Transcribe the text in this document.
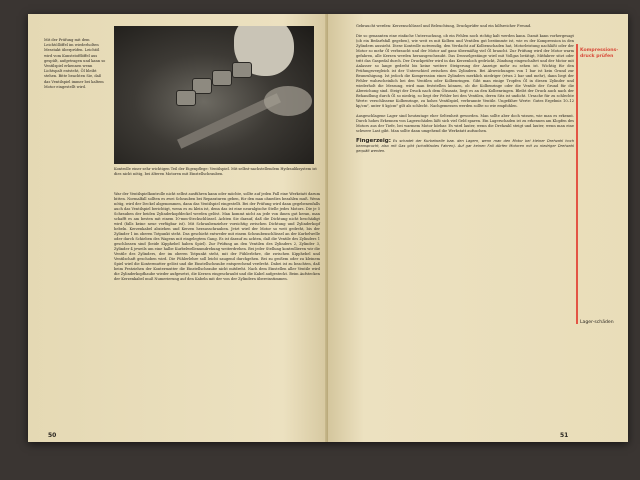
Mit der Prüfung mit dem Leichtöllöffel im wiederholten Messtakt überprüfen. Leichtöl wird vom Kunststofflöffel aus gespült, aufgetragen und kann so Ventilspiel erkennen wenn Lichtspalt entsteht, Öl bleibt stehen. Bitte beachten Sie, daß das Ventilspiel immer bei kaltem Motor eingestellt wird.
Kontrolle einer sehr wichtigen Teil der Eigenpflege: Ventilspiel. Mit selbst-nachstellendem Hydrauliksystem ist dies nicht nötig, bei älteren Motoren mit Einstellschrauben.
War der Ventilspielkontrolle nicht selbst ausführen kann oder möchte, sollte auf jeden Fall eine Werkstatt darum bitten. Normalfall sollten es zwei Schrauben bei Reparaturen geben, für den man ohnedies bezahlen muß. Wenn nötig, wird der Deckel abgenommen, dann das Ventilspiel eingestellt. Bei der Prüfung wird dann gegebenenfalls auch das Ventilspiel berichtigt, wenn es zu klein ist, denn das ist eine neuralgische Stelle jedes Motors. Die je 5 Schrauben der beiden Zylinderkopfdeckel werden gelöst. Man kommt nicht an jede von ihnen gut heran, man schafft es am besten mit einem 10-mm-Steckschlüssel. Achten Sie darauf, daß die Dichtung nicht beschädigt wird (falls keine neue verfügbar ist). Mit Schraubenzieher vorsichtig zwischen Dichtung und Zylinderkopf hebeln. Kerzenkabel abziehen und Kerzen herausschrauben. Jetzt wird der Motor so weit gedreht, bis der Zylinder 1 im oberen Totpunkt steht. Das geschieht entweder mit einem Schraubenschlüssel an der Kurbelwelle oder durch Schieben des Wagens mit eingelegtem Gang. Es ist darauf zu achten, daß die Ventile des Zylinders 1 geschlossen sind (beide Kipphebel haben Spiel). Zur Prüfung an den Ventilen des Zylinders 2, Zylinder 3, Zylinder 4 jeweils um eine halbe Kurbelwellenumdrehung weiterdrehen. Bei jeder Stellung kontrollieren wir die Ventile des Zylinders, der im oberen Totpunkt steht, mit der Fühlerlehre, die zwischen Kipphebel und Ventilschaft geschoben wird. Die Fühlerlehre soll leicht saugend durchgehen. Bei zu großem oder zu kleinem Spiel wird die Kontermutter gelöst und die Einstellschraube entsprechend verdreht. Dabei ist zu beachten, daß beim Festziehen der Kontermutter die Einstellschraube nicht mitdreht. Nach dem Einstellen aller Ventile wird die Zylinderkopfhaube wieder aufgesetzt, die Kerzen eingeschraubt und die Kabel aufgesteckt. Beim Aufstecken der Kerzenkabel muß Numerierung auf den Kabeln mit der von der Zylindern übereinstimmen.
50

Gebraucht werden: Kerzenschlüssel und Beleuchtung, Druckprüfer und ein hilfsreicher Freund.

Die so genannten eine einfache Untersuchung, ob ein Fehlen noch richtig kalt werden kann. Damit kann vorhergesagt (ob ein Bedarfsfall gegeben), wie weit es mit Kolben und Ventilen gut bestimmte ist, wie es der Kompression in den Zylindern aussieht. Diese Kontrolle notwendig, den Verdacht auf Kolbenschaden hat, Motorleistung nachläßt oder der Motor so mehr Öl verbraucht und der Motor auf ganz übermäßig viel Öl braucht. Zur Prüfung wird der Motor warm gefahren, alle Kerzen werden herausgeschraubt. Das Drosselgestänge wird mit Vollgas betätigt, Mitfahrer sitzt oder tritt das Gaspedal durch. Der Druckprüfer wird in das Kerzenloch gedrückt, Zündung eingeschaltet und der Motor mit Anlasser so lange gedreht bis keine weitere Steigerung der Anzeige mehr zu sehen ist. Wichtig für den Prüfungsvergleich ist der Unterschied zwischen den Zylindern. Bei Abweichungen von 1 bar ist kein Grund zur Beunruhigung. Ist jedoch die Kompression eines Zylinders merklich niedriger (etwa 2 bar und mehr), dann liegt der Fehler wahrscheinlich bei den Ventilen oder Kolbenringen. Gibt man einige Tropfen Öl in diesen Zylinder und wiederholt die Messung, wird man feststellen können, ob die Kolbenringe oder die Ventile der Grund für die Abweichung sind. Steigt der Druck nach dem Ölzusatz, liegt es an den Kolbenringen. Bleibt der Druck auch nach der Behandlung durch Öl so niedrig, so liegt der Fehler bei den Ventilen, deren Sitz ist undicht. Ursache für zu schlechte Werte: verschlissene Kolbenringe, zu hohes Ventilspiel, verbrannte Ventile. Ungefähre Werte: Gutes Ergebnis 10–12 kp/cm², unter 8 kp/cm² gilt als schlecht. Nachgemessen werden sollte so wie empfohlen.

Ausgeschlagene Lager sind heutzutage eher Seltenheit geworden. Man sollte aber doch wissen, wie man es erkennt. Durch hohes Erkennen von Lagerschäden läßt sich viel Geld sparen. Ein Lagerschaden ist zu erkennen am Klopfen des Motors aus der Tiefe, bei warmem Motor hörbar. Es wird lauter, wenn die Drehzahl steigt und lauter, wenn man eine schwere Last gibt. Man sollte dann umgehend die Werkstatt aufsuchen.

Fingerzeig: Es schadet der Kurbelwelle bzw. den Lagern, wenn man den Motor bei kleiner Drehzahl hoch beansprucht, also mit Gas gibt (schaltfaules Fahren). Auf gar keinen Fall dürfen Motoren mit zu niedriger Drehzahl gequält werden.

Kompressions-druck prüfen
Lager-schäden
51
